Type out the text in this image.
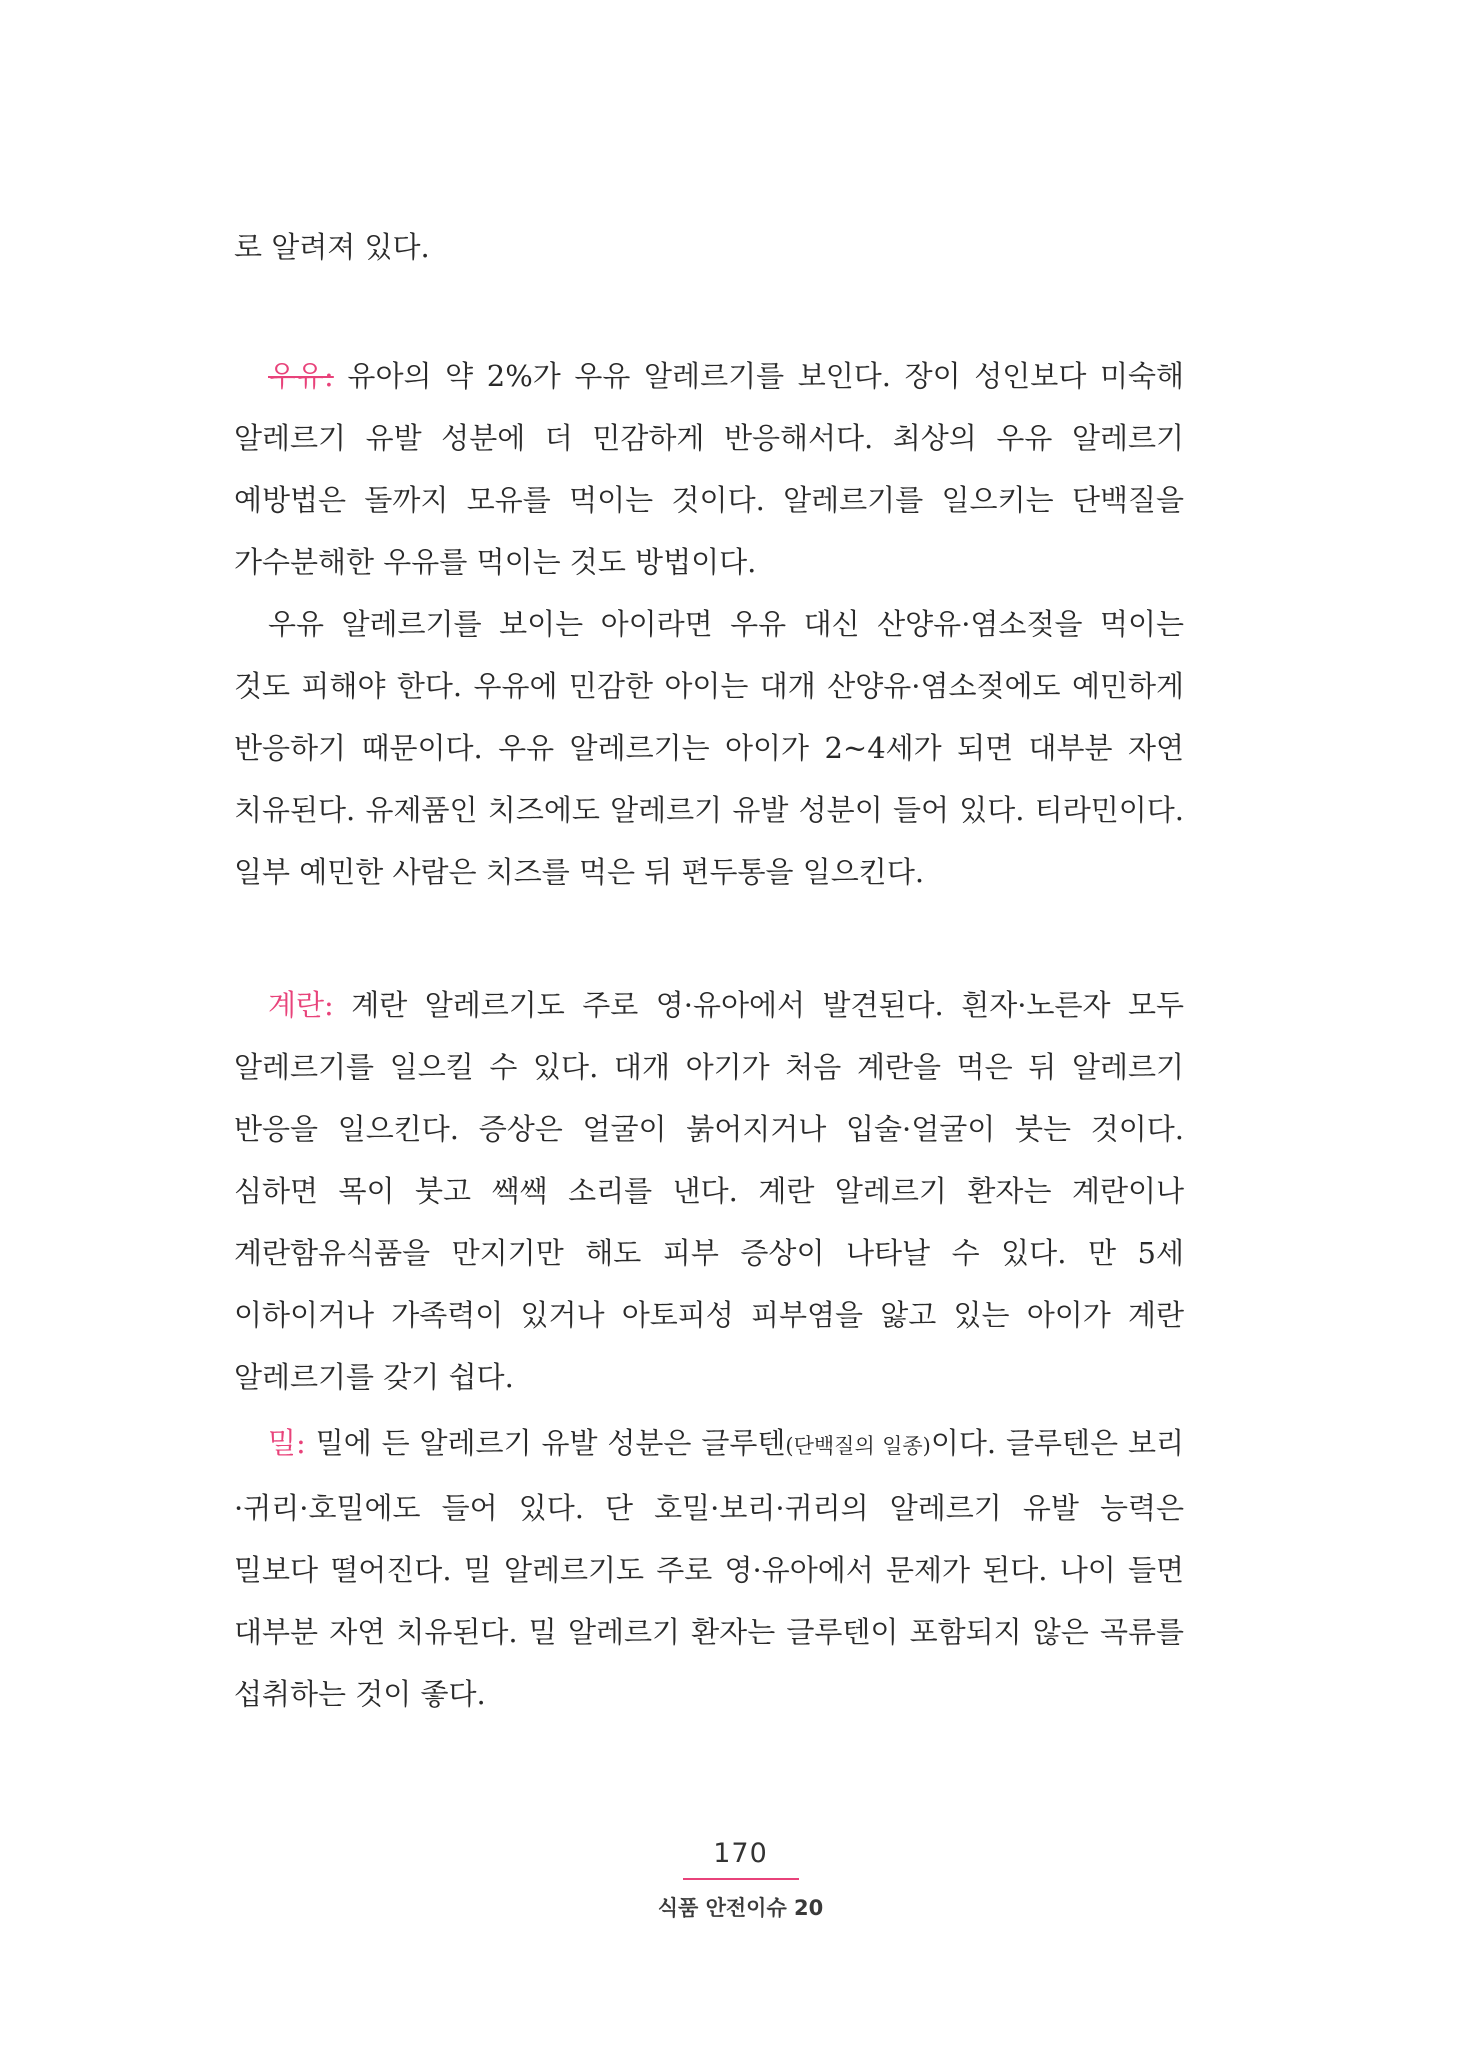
로 알려져 있다.

우유: 유아의 약 2%가 우유 알레르기를 보인다. 장이 성인보다 미숙해 알레르기 유발 성분에 더 민감하게 반응해서다. 최상의 우유 알레르기 예방법은 돌까지 모유를 먹이는 것이다. 알레르기를 일으키는 단백질을 가수분해한 우유를 먹이는 것도 방법이다.

우유 알레르기를 보이는 아이라면 우유 대신 산양유·염소젖을 먹이는 것도 피해야 한다. 우유에 민감한 아이는 대개 산양유·염소젖에도 예민하게 반응하기 때문이다. 우유 알레르기는 아이가 2~4세가 되면 대부분 자연 치유된다. 유제품인 치즈에도 알레르기 유발 성분이 들어 있다. 티라민이다. 일부 예민한 사람은 치즈를 먹은 뒤 편두통을 일으킨다.

계란: 계란 알레르기도 주로 영·유아에서 발견된다. 흰자·노른자 모두 알레르기를 일으킬 수 있다. 대개 아기가 처음 계란을 먹은 뒤 알레르기 반응을 일으킨다. 증상은 얼굴이 붉어지거나 입술·얼굴이 붓는 것이다. 심하면 목이 붓고 쌕쌕 소리를 낸다. 계란 알레르기 환자는 계란이나 계란함유식품을 만지기만 해도 피부 증상이 나타날 수 있다. 만 5세 이하이거나 가족력이 있거나 아토피성 피부염을 앓고 있는 아이가 계란 알레르기를 갖기 쉽다.

밀: 밀에 든 알레르기 유발 성분은 글루텐(단백질의 일종)이다. 글루텐은 보리·귀리·호밀에도 들어 있다. 단 호밀·보리·귀리의 알레르기 유발 능력은 밀보다 떨어진다. 밀 알레르기도 주로 영·유아에서 문제가 된다. 나이 들면 대부분 자연 치유된다. 밀 알레르기 환자는 글루텐이 포함되지 않은 곡류를 섭취하는 것이 좋다.

170
식품 안전이슈 20
